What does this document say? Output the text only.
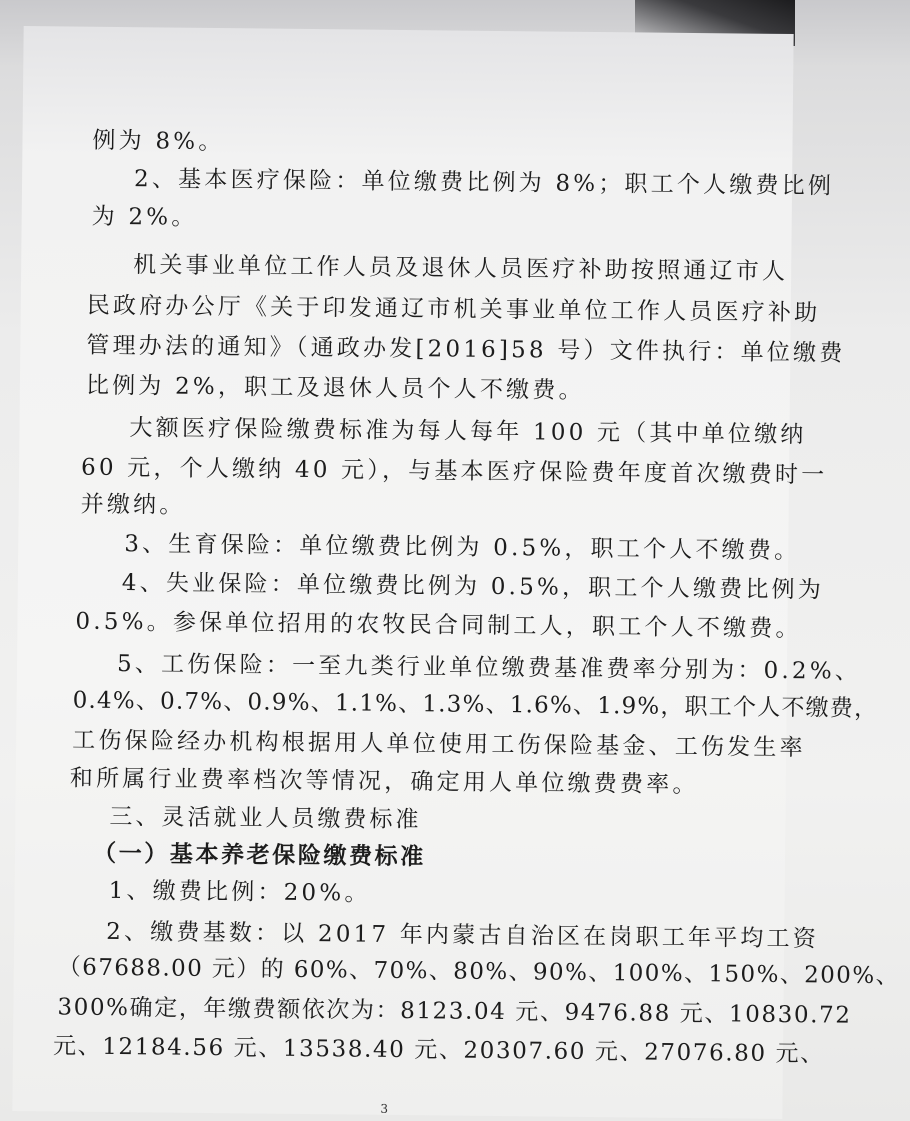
例为 8%。
2、基本医疗保险：单位缴费比例为 8%；职工个人缴费比例
为 2%。
机关事业单位工作人员及退休人员医疗补助按照通辽市人
民政府办公厅《关于印发通辽市机关事业单位工作人员医疗补助
管理办法的通知》（通政办发[2016]58 号）文件执行：单位缴费
比例为 2%，职工及退休人员个人不缴费。
大额医疗保险缴费标准为每人每年 100 元（其中单位缴纳
60 元，个人缴纳 40 元），与基本医疗保险费年度首次缴费时一
并缴纳。
3、生育保险：单位缴费比例为 0.5%，职工个人不缴费。
4、失业保险：单位缴费比例为 0.5%，职工个人缴费比例为
0.5%。参保单位招用的农牧民合同制工人，职工个人不缴费。
5、工伤保险：一至九类行业单位缴费基准费率分别为：0.2%、
0.4%、0.7%、0.9%、1.1%、1.3%、1.6%、1.9%，职工个人不缴费，
工伤保险经办机构根据用人单位使用工伤保险基金、工伤发生率
和所属行业费率档次等情况，确定用人单位缴费费率。
三、灵活就业人员缴费标准
（一）基本养老保险缴费标准
1、缴费比例：20%。
2、缴费基数：以 2017 年内蒙古自治区在岗职工年平均工资
（67688.00 元）的 60%、70%、80%、90%、100%、150%、200%、
300%确定，年缴费额依次为：8123.04 元、9476.88 元、10830.72
元、12184.56 元、13538.40 元、20307.60 元、27076.80 元、
3
